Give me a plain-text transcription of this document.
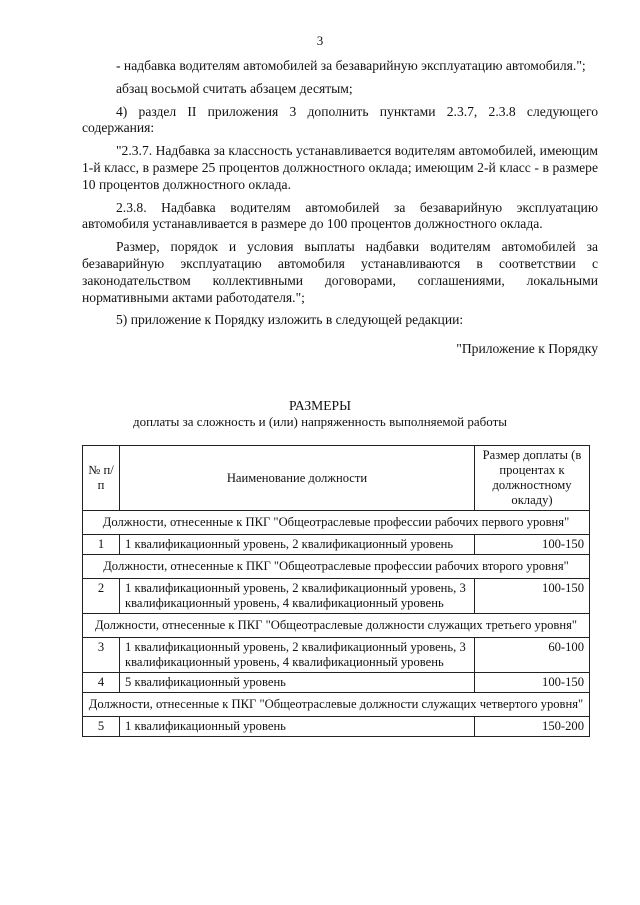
3

- надбавка водителям автомобилей за безаварийную эксплуатацию автомобиля.";

абзац восьмой считать абзацем десятым;

4) раздел II приложения 3 дополнить пунктами 2.3.7, 2.3.8 следующего содержания:

"2.3.7. Надбавка за классность устанавливается водителям автомобилей, имеющим 1-й класс, в размере 25 процентов должностного оклада; имеющим 2-й класс - в размере 10 процентов должностного оклада.

2.3.8. Надбавка водителям автомобилей за безаварийную эксплуатацию автомобиля устанавливается в размере до 100 процентов должностного оклада.

Размер, порядок и условия выплаты надбавки водителям автомобилей за безаварийную эксплуатацию автомобиля устанавливаются в соответствии с законодательством коллективными договорами, соглашениями, локальными нормативными актами работодателя.";

5) приложение к Порядку изложить в следующей редакции:

"Приложение к Порядку

РАЗМЕРЫ
доплаты за сложность и (или) напряженность выполняемой работы
№ п/п	Наименование должности	Размер доплаты (в процентах к должностному окладу)
Должности, отнесенные к ПКГ "Общеотраслевые профессии рабочих первого уровня"		
1	1 квалификационный уровень, 2 квалификационный уровень	100-150
Должности, отнесенные к ПКГ "Общеотраслевые профессии рабочих второго уровня"		
2	1 квалификационный уровень, 2 квалификационный уровень, 3 квалификационный уровень, 4 квалификационный уровень	100-150
Должности, отнесенные к ПКГ "Общеотраслевые должности служащих третьего уровня"		
3	1 квалификационный уровень, 2 квалификационный уровень, 3 квалификационный уровень, 4 квалификационный уровень	60-100
4	5 квалификационный уровень	100-150
Должности, отнесенные к ПКГ "Общеотраслевые должности служащих четвертого уровня"		
5	1 квалификационный уровень	150-200
